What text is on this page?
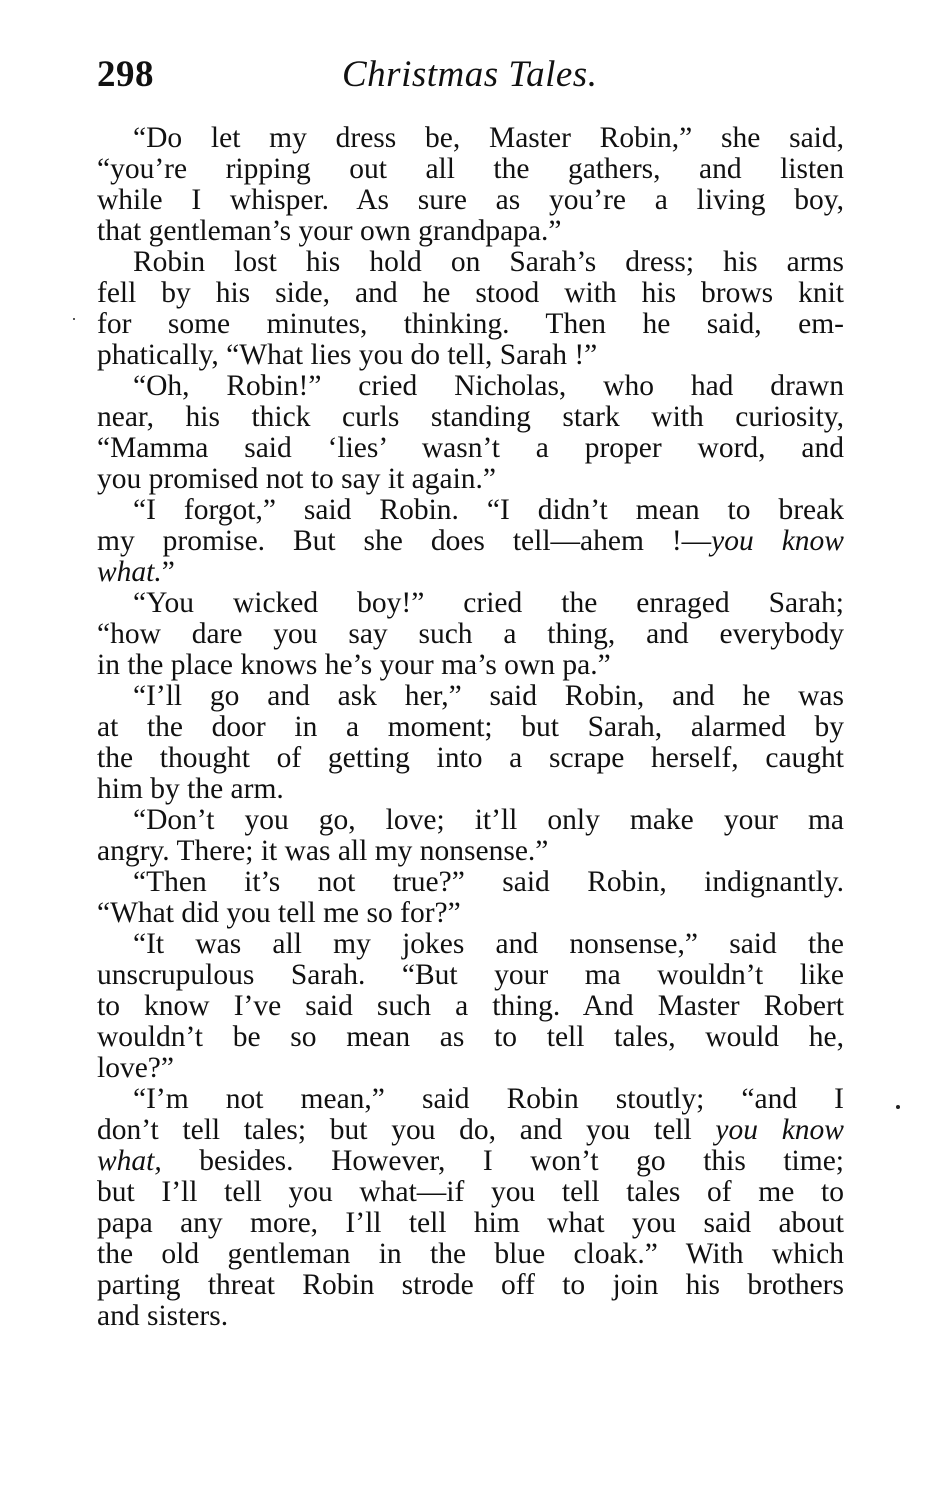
298	Christmas Tales.
“Do let my dress be, Master Robin,” she said,
“you’re ripping out all the gathers, and listen
while I whisper. As sure as you’re a living boy,
that gentleman’s your own grandpapa.”
Robin lost his hold on Sarah’s dress; his arms
fell by his side, and he stood with his brows knit
for some minutes, thinking. Then he said, em-
phatically, “What lies you do tell, Sarah !”
“Oh, Robin!” cried Nicholas, who had drawn
near, his thick curls standing stark with curiosity,
“Mamma said ‘lies’ wasn’t a proper word, and
you promised not to say it again.”
“I forgot,” said Robin. “I didn’t mean to break
my promise. But she does tell—ahem !—you know
what.”
“You wicked boy!” cried the enraged Sarah;
“how dare you say such a thing, and everybody
in the place knows he’s your ma’s own pa.”
“I’ll go and ask her,” said Robin, and he was
at the door in a moment; but Sarah, alarmed by
the thought of getting into a scrape herself, caught
him by the arm.
“Don’t you go, love; it’ll only make your ma
angry. There; it was all my nonsense.”
“Then it’s not true?” said Robin, indignantly.
“What did you tell me so for?”
“It was all my jokes and nonsense,” said the
unscrupulous Sarah. “But your ma wouldn’t like
to know I’ve said such a thing. And Master Robert
wouldn’t be so mean as to tell tales, would he,
love?”
“I’m not mean,” said Robin stoutly; “and I
don’t tell tales; but you do, and you tell you know
what, besides. However, I won’t go this time;
but I’ll tell you what—if you tell tales of me to
papa any more, I’ll tell him what you said about
the old gentleman in the blue cloak.” With which
parting threat Robin strode off to join his brothers
and sisters.
